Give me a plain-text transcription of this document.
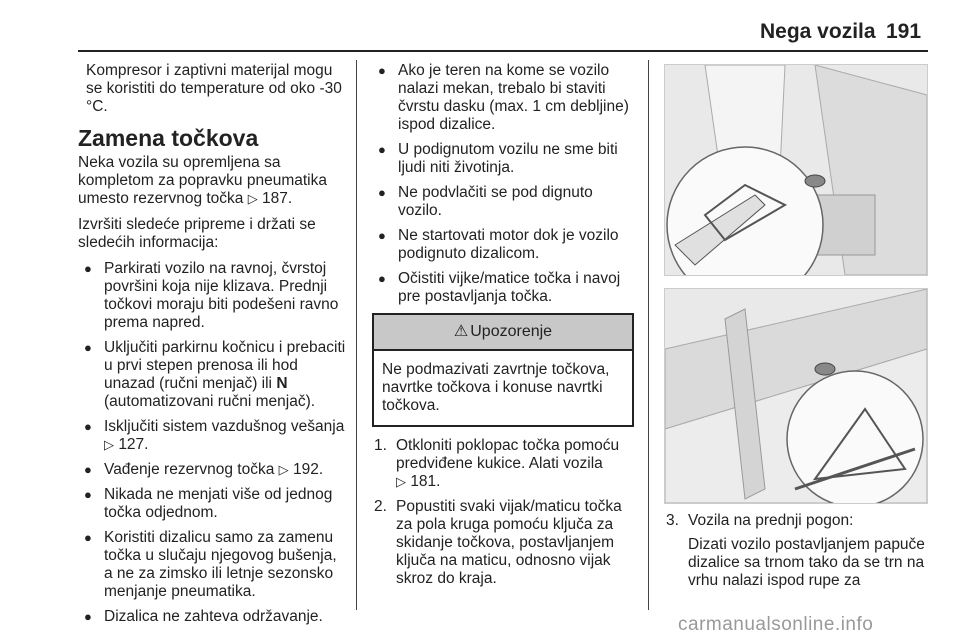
Nega vozila 191

Kompresor i zaptivni materijal mogu se koristiti do temperature od oko -30 °C.

Zamena točkova

Neka vozila su opremljena sa kompletom za popravku pneumatika umesto rezervnog točka ▷ 187.

Izvršiti sledeće pripreme i držati se sledećih informacija:

● Parkirati vozilo na ravnoj, čvrstoj površini koja nije klizava. Prednji točkovi moraju biti podešeni ravno prema napred.
● Uključiti parkirnu kočnicu i prebaciti u prvi stepen prenosa ili hod unazad (ručni menjač) ili N (automatizovani ručni menjač).
● Isključiti sistem vazdušnog vešanja ▷ 127.
● Vađenje rezervnog točka ▷ 192.
● Nikada ne menjati više od jednog točka odjednom.
● Koristiti dizalicu samo za zamenu točka u slučaju njegovog bušenja, a ne za zimsko ili letnje sezonsko menjanje pneumatika.
● Dizalica ne zahteva održavanje.
● Ako je teren na kome se vozilo nalazi mekan, trebalo bi staviti čvrstu dasku (max. 1 cm debljine) ispod dizalice.
● U podignutom vozilu ne sme biti ljudi niti životinja.
● Ne podvlačiti se pod dignuto vozilo.
● Ne startovati motor dok je vozilo podignuto dizalicom.
● Očistiti vijke/matice točka i navoj pre postavljanja točka.
⚠ Upozorenje
Ne podmazivati zavrtnje točkova, navrtke točkova i konuse navrtki točkova.
1. Otkloniti poklopac točka pomoću predviđene kukice. Alati vozila
▷ 181.
2. Popustiti svaki vijak/maticu točka za pola kruga pomoću ključa za skidanje točkova, postavljanjem ključa na maticu, odnosno vijak skroz do kraja.
3. Vozila na prednji pogon:

Dizati vozilo postavljanjem papuče dizalice sa trnom tako da se trn na vrhu nalazi ispod rupe za

carmanualsonline.info
